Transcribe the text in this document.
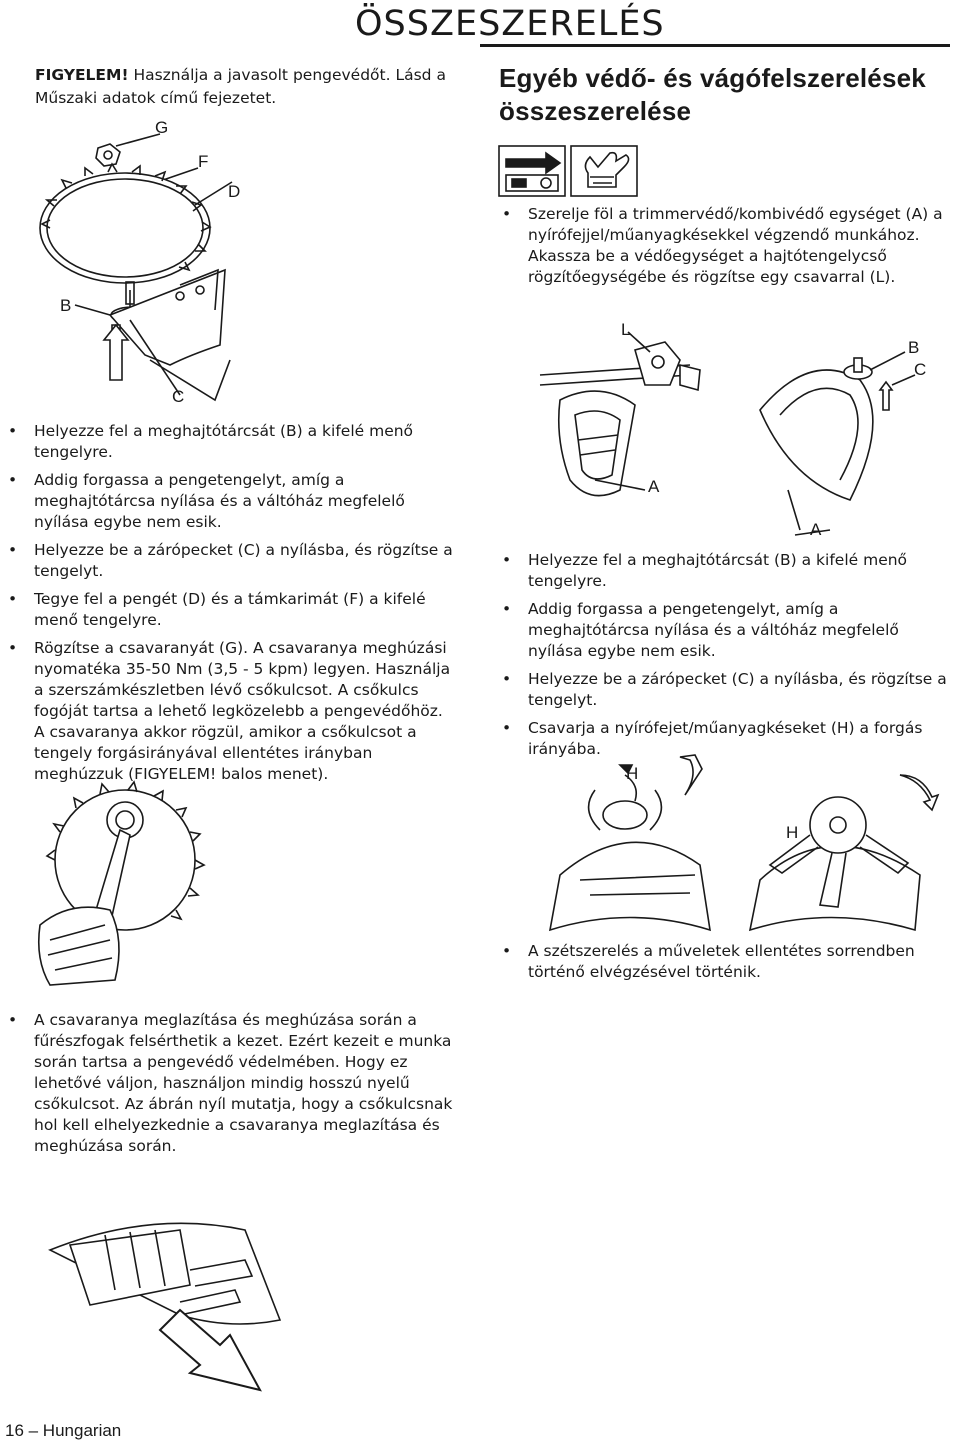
ÖSSZESZERELÉS
FIGYELEM! Használja a javasolt pengevédőt. Lásd a Műszaki adatok című fejezetet.
Egyéb védő- és vágófelszerelések összeszerelése
G
F
D
B
C
• Helyezze fel a meghajtótárcsát (B) a kifelé menő tengelyre.
• Addig forgassa a pengetengelyt, amíg a meghajtótárcsa nyílása és a váltóház megfelelő nyílása egybe nem esik.
• Helyezze be a zárópecket (C) a nyílásba, és rögzítse a tengelyt.
• Tegye fel a pengét (D) és a támkarimát (F) a kifelé menő tengelyre.
• Rögzítse a csavaranyát (G). A csavaranya meghúzási nyomatéka 35-50 Nm (3,5 - 5 kpm) legyen. Használja a szerszámkészletben lévő csőkulcsot. A csőkulcs fogóját tartsa a lehető legközelebb a pengevédőhöz. A csavaranya akkor rögzül, amikor a csőkulcsot a tengely forgásirányával ellentétes irányban meghúzzuk (FIGYELEM! balos menet).
• A csavaranya meglazítása és meghúzása során a fűrészfogak felsérthetik a kezet. Ezért kezeit e munka során tartsa a pengevédő védelmében. Hogy ez lehetővé váljon, használjon mindig hosszú nyelű csőkulcsot. Az ábrán nyíl mutatja, hogy a csőkulcsnak hol kell elhelyezkednie a csavaranya meglazítása és meghúzása során.
• Szerelje föl a trimmervédő/kombivédő egységet (A) a nyírófejjel/műanyagkésekkel végzendő munkához. Akassza be a védőegységet a hajtótengelycső rögzítőegységébe és rögzítse egy csavarral (L).
L
B
C
A
A
• Helyezze fel a meghajtótárcsát (B) a kifelé menő tengelyre.
• Addig forgassa a pengetengelyt, amíg a meghajtótárcsa nyílása és a váltóház megfelelő nyílása egybe nem esik.
• Helyezze be a zárópecket (C) a nyílásba, és rögzítse a tengelyt.
• Csavarja a nyírófejet/műanyagkéseket (H) a forgás irányába.
H
H
• A szétszerelés a műveletek ellentétes sorrendben történő elvégzésével történik.
16 – Hungarian
